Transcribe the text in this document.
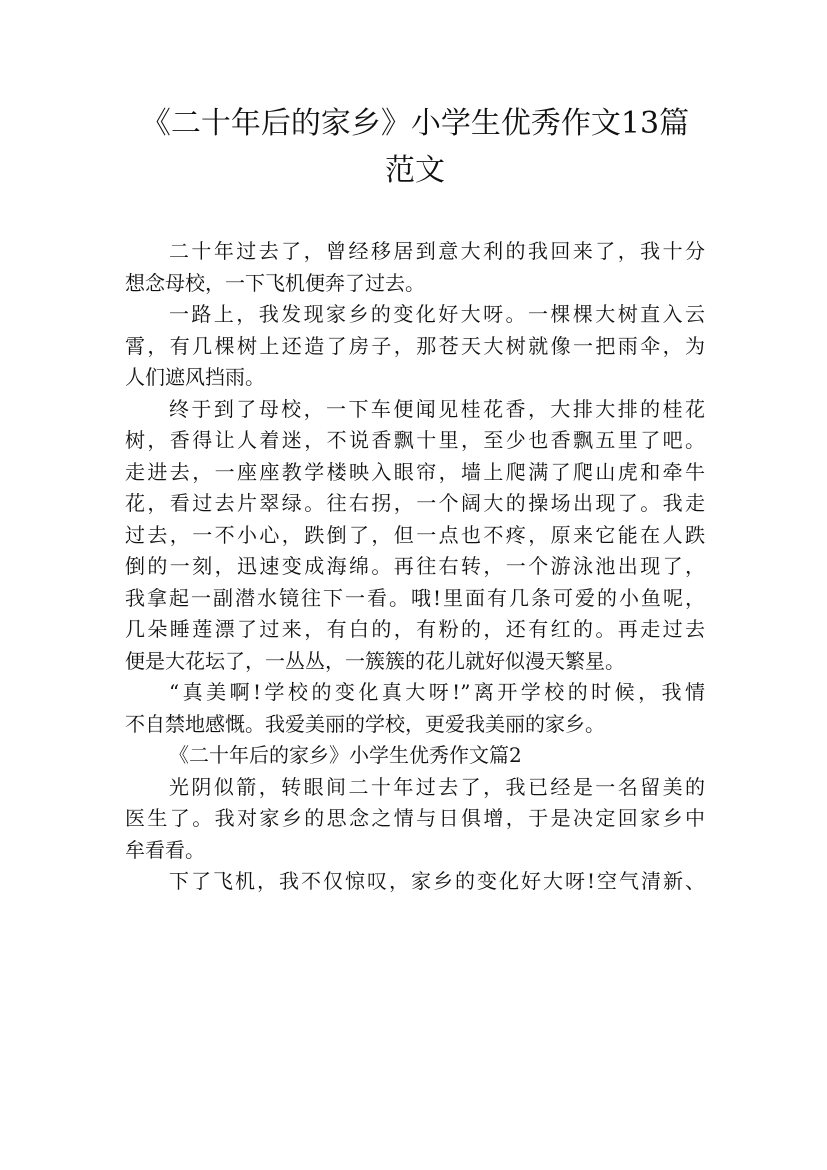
《二十年后的家乡》小学生优秀作文13篇
范文

二十年过去了，曾经移居到意大利的我回来了，我十分
想念母校，一下飞机便奔了过去。

一路上，我发现家乡的变化好大呀。一棵棵大树直入云
霄，有几棵树上还造了房子，那苍天大树就像一把雨伞，为
人们遮风挡雨。

终于到了母校，一下车便闻见桂花香，大排大排的桂花
树，香得让人着迷，不说香飘十里，至少也香飘五里了吧。
走进去，一座座教学楼映入眼帘，墙上爬满了爬山虎和牵牛
花，看过去片翠绿。往右拐，一个阔大的操场出现了。我走
过去，一不小心，跌倒了，但一点也不疼，原来它能在人跌
倒的一刻，迅速变成海绵。再往右转，一个游泳池出现了，
我拿起一副潜水镜往下一看。哦!里面有几条可爱的小鱼呢，
几朵睡莲漂了过来，有白的，有粉的，还有红的。再走过去
便是大花坛了，一丛丛，一簇簇的花儿就好似漫天繁星。

“真美啊!学校的变化真大呀!”离开学校的时候，我情
不自禁地感慨。我爱美丽的学校，更爱我美丽的家乡。

《二十年后的家乡》小学生优秀作文篇2

光阴似箭，转眼间二十年过去了，我已经是一名留美的
医生了。我对家乡的思念之情与日俱增，于是决定回家乡中
牟看看。

下了飞机，我不仅惊叹，家乡的变化好大呀!空气清新、
